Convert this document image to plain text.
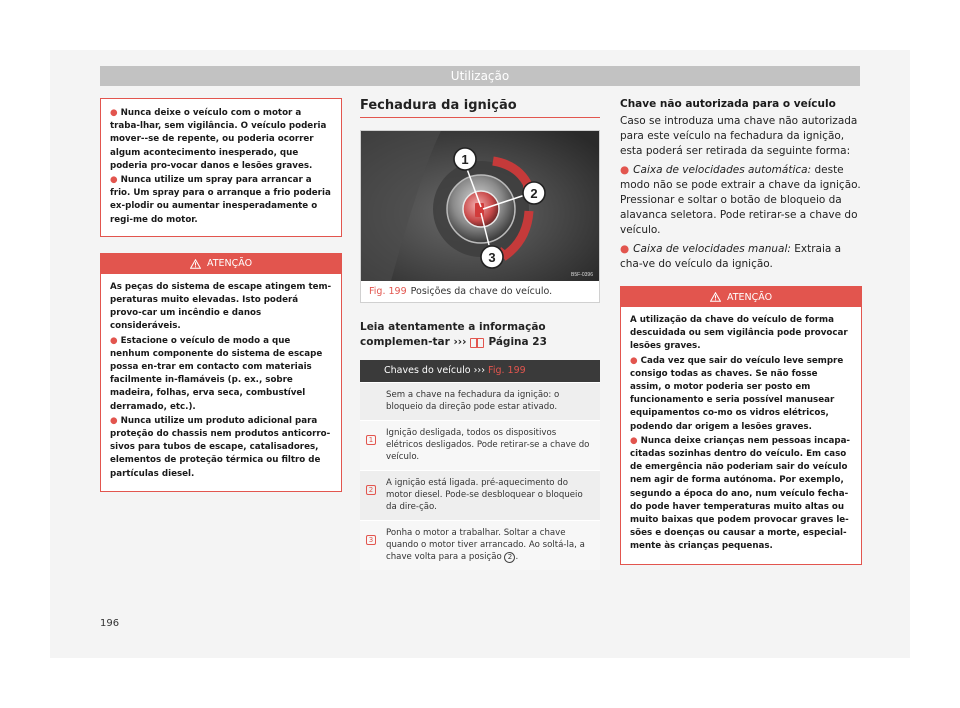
Utilização

● Nunca deixe o veículo com o motor a traba-lhar, sem vigilância. O veículo poderia mover--se de repente, ou poderia ocorrer algum acontecimento inesperado, que poderia pro-vocar danos e lesões graves.

● Nunca utilize um spray para arrancar a frio. Um spray para o arranque a frio poderia ex-plodir ou aumentar inesperadamente o regi-me do motor.

ATENÇÃO

As peças do sistema de escape atingem tem-peraturas muito elevadas. Isto poderá provo-car um incêndio e danos consideráveis.

● Estacione o veículo de modo a que nenhum componente do sistema de escape possa en-trar em contacto com materiais facilmente in-flamáveis (p. ex., sobre madeira, folhas, erva seca, combustível derramado, etc.).

● Nunca utilize um produto adicional para proteção do chassis nem produtos anticorro-sivos para tubos de escape, catalisadores, elementos de proteção térmica ou filtro de partículas diesel.

Fechadura da ignição
1
2
3
B5F-0396
Fig. 199 Posições da chave do veículo.
Leia atentamente a informação complemen-tar ››› Página 23
Chaves do veículo ››› Fig. 199
Sem a chave na fechadura da ignição: o bloqueio da direção pode estar ativado.
1
Ignição desligada, todos os dispositivos elétricos desligados. Pode retirar-se a chave do veículo.
2
A ignição está ligada. pré-aquecimento do motor diesel. Pode-se desbloquear o bloqueio da dire-ção.
3
Ponha o motor a trabalhar. Soltar a chave quando o motor tiver arrancado. Ao soltá-la, a chave volta para a posição 2 .
Chave não autorizada para o veículo

Caso se introduza uma chave não autorizada para este veículo na fechadura da ignição, esta poderá ser retirada da seguinte forma:

● Caixa de velocidades automática: deste modo não se pode extrair a chave da ignição. Pressionar e soltar o botão de bloqueio da alavanca seletora. Pode retirar-se a chave do veículo.

● Caixa de velocidades manual: Extraia a cha-ve do veículo da ignição.

ATENÇÃO

A utilização da chave do veículo de forma descuidada ou sem vigilância pode provocar lesões graves.

● Cada vez que sair do veículo leve sempre consigo todas as chaves. Se não fosse assim, o motor poderia ser posto em funcionamento e seria possível manusear equipamentos co-mo os vidros elétricos, podendo dar origem a lesões graves.

● Nunca deixe crianças nem pessoas incapa-citadas sozinhas dentro do veículo. Em caso de emergência não poderiam sair do veículo nem agir de forma autónoma. Por exemplo, segundo a época do ano, num veículo fecha-do pode haver temperaturas muito altas ou muito baixas que podem provocar graves le-sões e doenças ou causar a morte, especial-mente às crianças pequenas.

196
